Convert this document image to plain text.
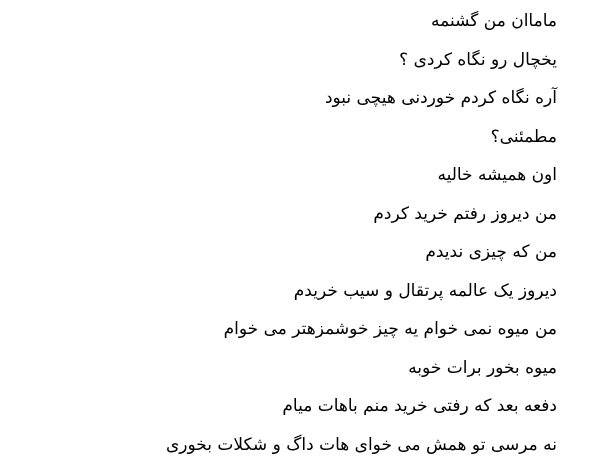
ماماان من گشنمه
یخچال رو نگاه کردی ؟
آره نگاه کردم خوردنی هیچی نبود
مطمئنی؟
اون همیشه خالیه
من دیروز رفتم خرید کردم
من که چیزی ندیدم
دیروز یک عالمه پرتقال و سیب خریدم
من میوه نمی خوام یه چیز خوشمزهتر می خوام
میوه بخور برات خوبه
دفعه بعد که رفتی خرید منم باهات میام
نه مرسی تو همش می خوای هات داگ و شکلات بخوری
